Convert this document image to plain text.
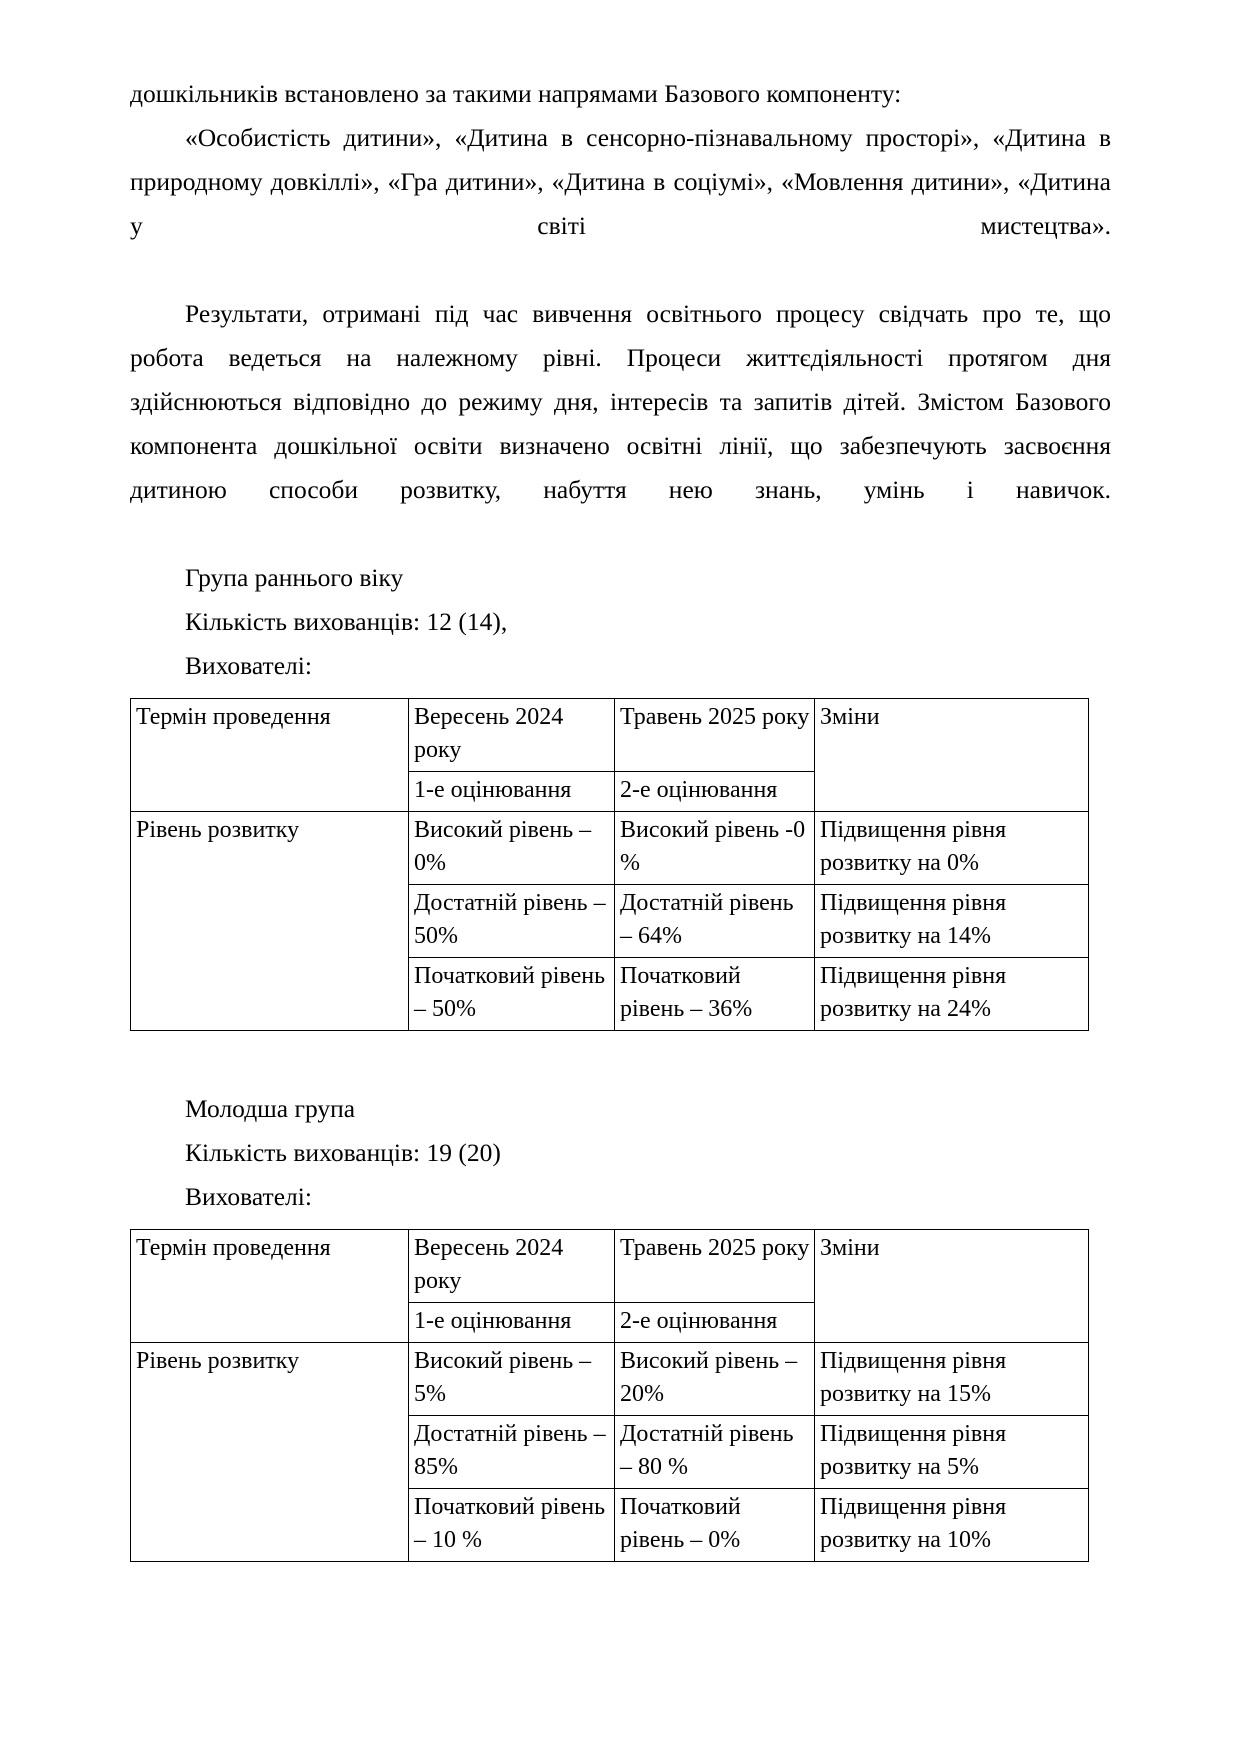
дошкільників встановлено за такими напрямами Базового компоненту:

«Особистість дитини», «Дитина в сенсорно-пізнавальному просторі», «Дитина в природному довкіллі», «Гра дитини», «Дитина в соціумі», «Мовлення дитини», «Дитина у світі мистецтва».

Результати, отримані під час вивчення освітнього процесу свідчать про те, що робота ведеться на належному рівні. Процеси життєдіяльності протягом дня здійснюються відповідно до режиму дня, інтересів та запитів дітей. Змістом Базового компонента дошкільної освіти визначено освітні лінії, що забезпечують засвоєння дитиною способи розвитку, набуття нею знань, умінь і навичок.

Група раннього віку

Кількість вихованців: 12 (14),

Вихователі:

Термін проведення	Вересень 2024 року	Травень 2025 року	Зміни

	1-е оцінювання	2-е оцінювання	

Рівень розвитку	Високий рівень – 0%	Високий рівень -0 %	Підвищення рівня розвитку на 0%

	Достатній рівень – 50%	Достатній рівень – 64%	Підвищення рівня розвитку на 14%

	Початковий рівень – 50%	Початковий рівень – 36%	Підвищення рівня розвитку на 24%

Молодша група

Кількість вихованців: 19 (20)

Вихователі:

Термін проведення	Вересень 2024 року	Травень 2025 року	Зміни

	1-е оцінювання	2-е оцінювання	

Рівень розвитку	Високий рівень – 5%	Високий рівень – 20%	Підвищення рівня розвитку на 15%

	Достатній рівень – 85%	Достатній рівень – 80 %	Підвищення рівня розвитку на 5%

	Початковий рівень – 10 %	Початковий рівень – 0%	Підвищення рівня розвитку на 10%
